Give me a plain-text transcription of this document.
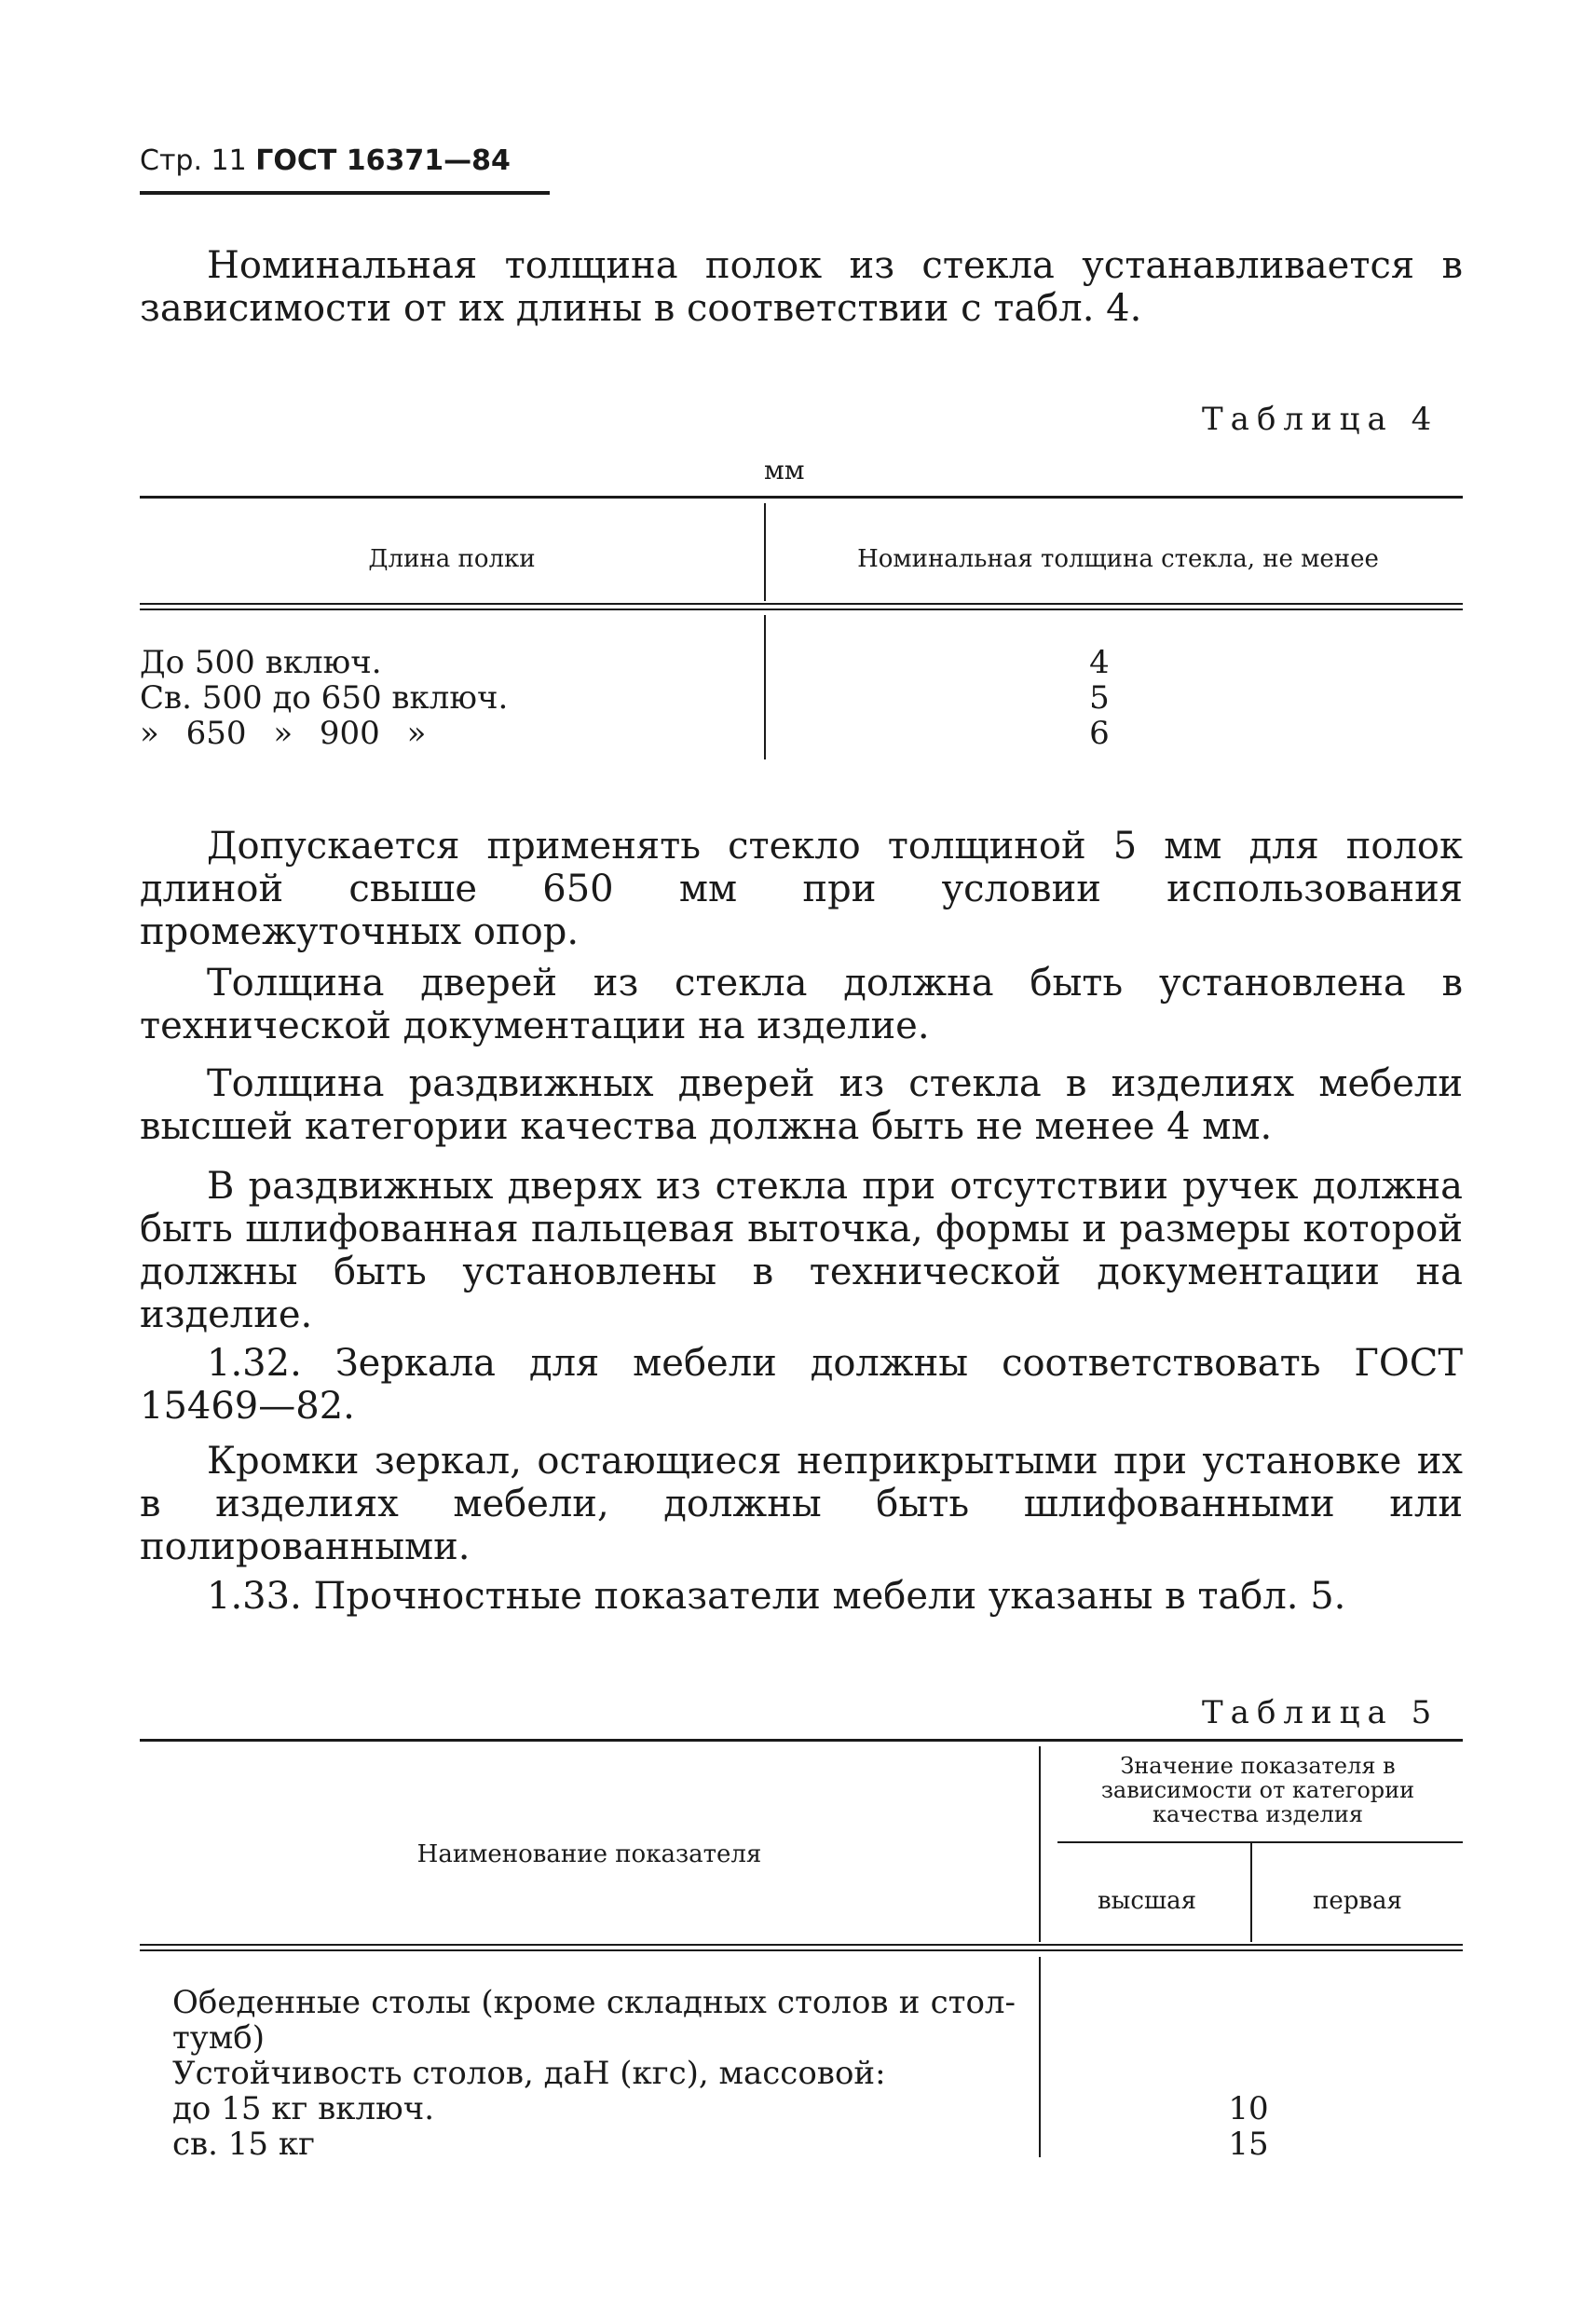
Стр. 11 ГОСТ 16371—84
Номинальная толщина полок из стекла устанавливается в зависимости от их длины в соответствии с табл. 4.
Таблица 4
мм
Длина полки	Номинальная толщина стекла, не менее
До 500 включ.	4
Св. 500 до 650 включ.	5
» 650 » 900 »	6
Допускается применять стекло толщиной 5 мм для полок длиной свыше 650 мм при условии использования промежуточных опор.
Толщина дверей из стекла должна быть установлена в технической документации на изделие.
Толщина раздвижных дверей из стекла в изделиях мебели высшей категории качества должна быть не менее 4 мм.
В раздвижных дверях из стекла при отсутствии ручек должна быть шлифованная пальцевая выточка, формы и размеры которой должны быть установлены в технической документации на изделие.
1.32. Зеркала для мебели должны соответствовать ГОСТ 15469—82.
Кромки зеркал, остающиеся неприкрытыми при установке их в изделиях мебели, должны быть шлифованными или полированными.
1.33. Прочностные показатели мебели указаны в табл. 5.
Таблица 5
Наименование показателя
Значение показателя в зависимости от категории качества изделия
высшая	первая
Обеденные столы (кроме складных столов и стол-тумб)
Устойчивость столов, даН (кгс), массовой:
до 15 кг включ.	10
св. 15 кг	15
